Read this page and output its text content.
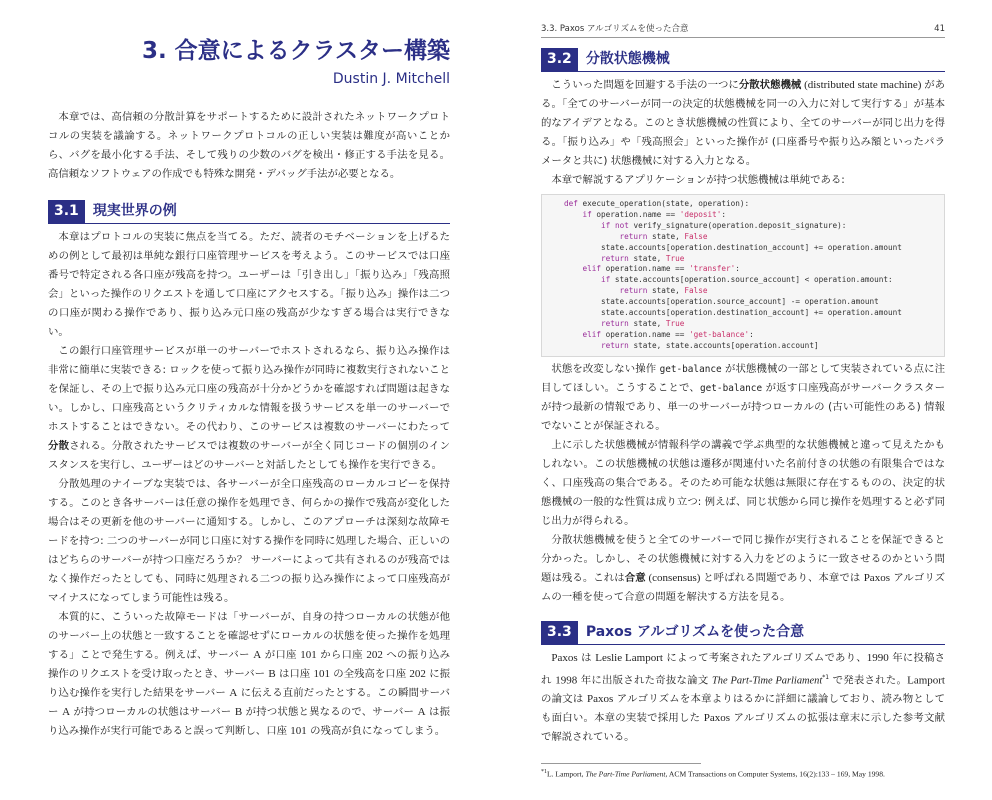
3. 合意によるクラスター構築
Dustin J. Mitchell

本章では、高信頼の分散計算をサポートするために設計されたネットワークプロトコルの実装を議論する。ネットワークプロトコルの正しい実装は難度が高いことから、バグを最小化する手法、そして残りの少数のバグを検出・修正する手法を見る。高信頼なソフトウェアの作成でも特殊な開発・デバッグ手法が必要となる。

3.1	現実世界の例

本章はプロトコルの実装に焦点を当てる。ただ、読者のモチベーションを上げるための例として最初は単純な銀行口座管理サービスを考えよう。このサービスでは口座番号で特定される各口座が残高を持つ。ユーザーは「引き出し」「振り込み」「残高照会」といった操作のリクエストを通して口座にアクセスする。「振り込み」操作は二つの口座が関わる操作であり、振り込み元口座の残高が少なすぎる場合は実行できない。

この銀行口座管理サービスが単一のサーバーでホストされるなら、振り込み操作は非常に簡単に実装できる: ロックを使って振り込み操作が同時に複数実行されないことを保証し、その上で振り込み元口座の残高が十分かどうかを確認すれば問題は起きない。しかし、口座残高というクリティカルな情報を扱うサービスを単一のサーバーでホストすることはできない。その代わり、このサービスは複数のサーバーにわたって分散される。分散されたサービスでは複数のサーバーが全く同じコードの個別のインスタンスを実行し、ユーザーはどのサーバーと対話したとしても操作を実行できる。

分散処理のナイーブな実装では、各サーバーが全口座残高のローカルコピーを保持する。このとき各サーバーは任意の操作を処理でき、何らかの操作で残高が変化した場合はその更新を他のサーバーに通知する。しかし、このアプローチは深刻な故障モードを持つ: 二つのサーバーが同じ口座に対する操作を同時に処理した場合、正しいのはどちらのサーバーが持つ口座だろうか？ サーバーによって共有されるのが残高ではなく操作だったとしても、同時に処理される二つの振り込み操作によって口座残高がマイナスになってしまう可能性は残る。

本質的に、こういった故障モードは「サーバーが、自身の持つローカルの状態が他のサーバー上の状態と一致することを確認せずにローカルの状態を使った操作を処理する」ことで発生する。例えば、サーバー A が口座 101 から口座 202 への振り込み操作のリクエストを受け取ったとき、サーバー B は口座 101 の全残高を口座 202 に振り込む操作を実行した結果をサーバー A に伝える直前だったとする。この瞬間サーバー A が持つローカルの状態はサーバー B が持つ状態と異なるので、サーバー A は振り込み操作が実行可能であると誤って判断し、口座 101 の残高が負になってしまう。

3.3. Paxos アルゴリズムを使った合意	41
3.2	分散状態機械

こういった問題を回避する手法の一つに分散状態機械 (distributed state machine) がある。「全てのサーバーが同一の決定的状態機械を同一の入力に対して実行する」が基本的なアイデアとなる。このとき状態機械の性質により、全てのサーバーが同じ出力を得る。「振り込み」や「残高照会」といった操作が (口座番号や振り込み額といったパラメータと共に) 状態機械に対する入力となる。

本章で解説するアプリケーションが持つ状態機械は単純である:

def execute_operation(state, operation):
if operation.name == 'deposit':
if not verify_signature(operation.deposit_signature):
return state, False
state.accounts[operation.destination_account] += operation.amount
return state, True
elif operation.name == 'transfer':
if state.accounts[operation.source_account] < operation.amount:
return state, False
state.accounts[operation.source_account] -= operation.amount
state.accounts[operation.destination_account] += operation.amount
return state, True
elif operation.name == 'get-balance':
return state, state.accounts[operation.account]

状態を改変しない操作 get-balance が状態機械の一部として実装されている点に注目してほしい。こうすることで、get-balance が返す口座残高がサーバークラスターが持つ最新の情報であり、単一のサーバーが持つローカルの (古い可能性のある) 情報でないことが保証される。

上に示した状態機械が情報科学の講義で学ぶ典型的な状態機械と違って見えたかもしれない。この状態機械の状態は遷移が関連付いた名前付きの状態の有限集合ではなく、口座残高の集合である。そのため可能な状態は無限に存在するものの、決定的状態機械の一般的な性質は成り立つ: 例えば、同じ状態から同じ操作を処理すると必ず同じ出力が得られる。

分散状態機械を使うと全てのサーバーで同じ操作が実行されることを保証できると分かった。しかし、その状態機械に対する入力をどのように一致させるのかという問題は残る。これは合意 (consensus) と呼ばれる問題であり、本章では Paxos アルゴリズムの一種を使って合意の問題を解決する方法を見る。

3.3	Paxos アルゴリズムを使った合意

Paxos は Leslie Lamport によって考案されたアルゴリズムであり、1990 年に投稿され 1998 年に出版された奇抜な論文 The Part-Time Parliament$^{*1}$ で発表された。Lamport の論文は Paxos アルゴリズムを本章よりはるかに詳細に議論しており、読み物としても面白い。本章の実装で採用した Paxos アルゴリズムの拡張は章末に示した参考文献で解説されている。

$^{*1}$L. Lamport, The Part-Time Parliament, ACM Transactions on Computer Systems, 16(2):133 – 169, May 1998.
